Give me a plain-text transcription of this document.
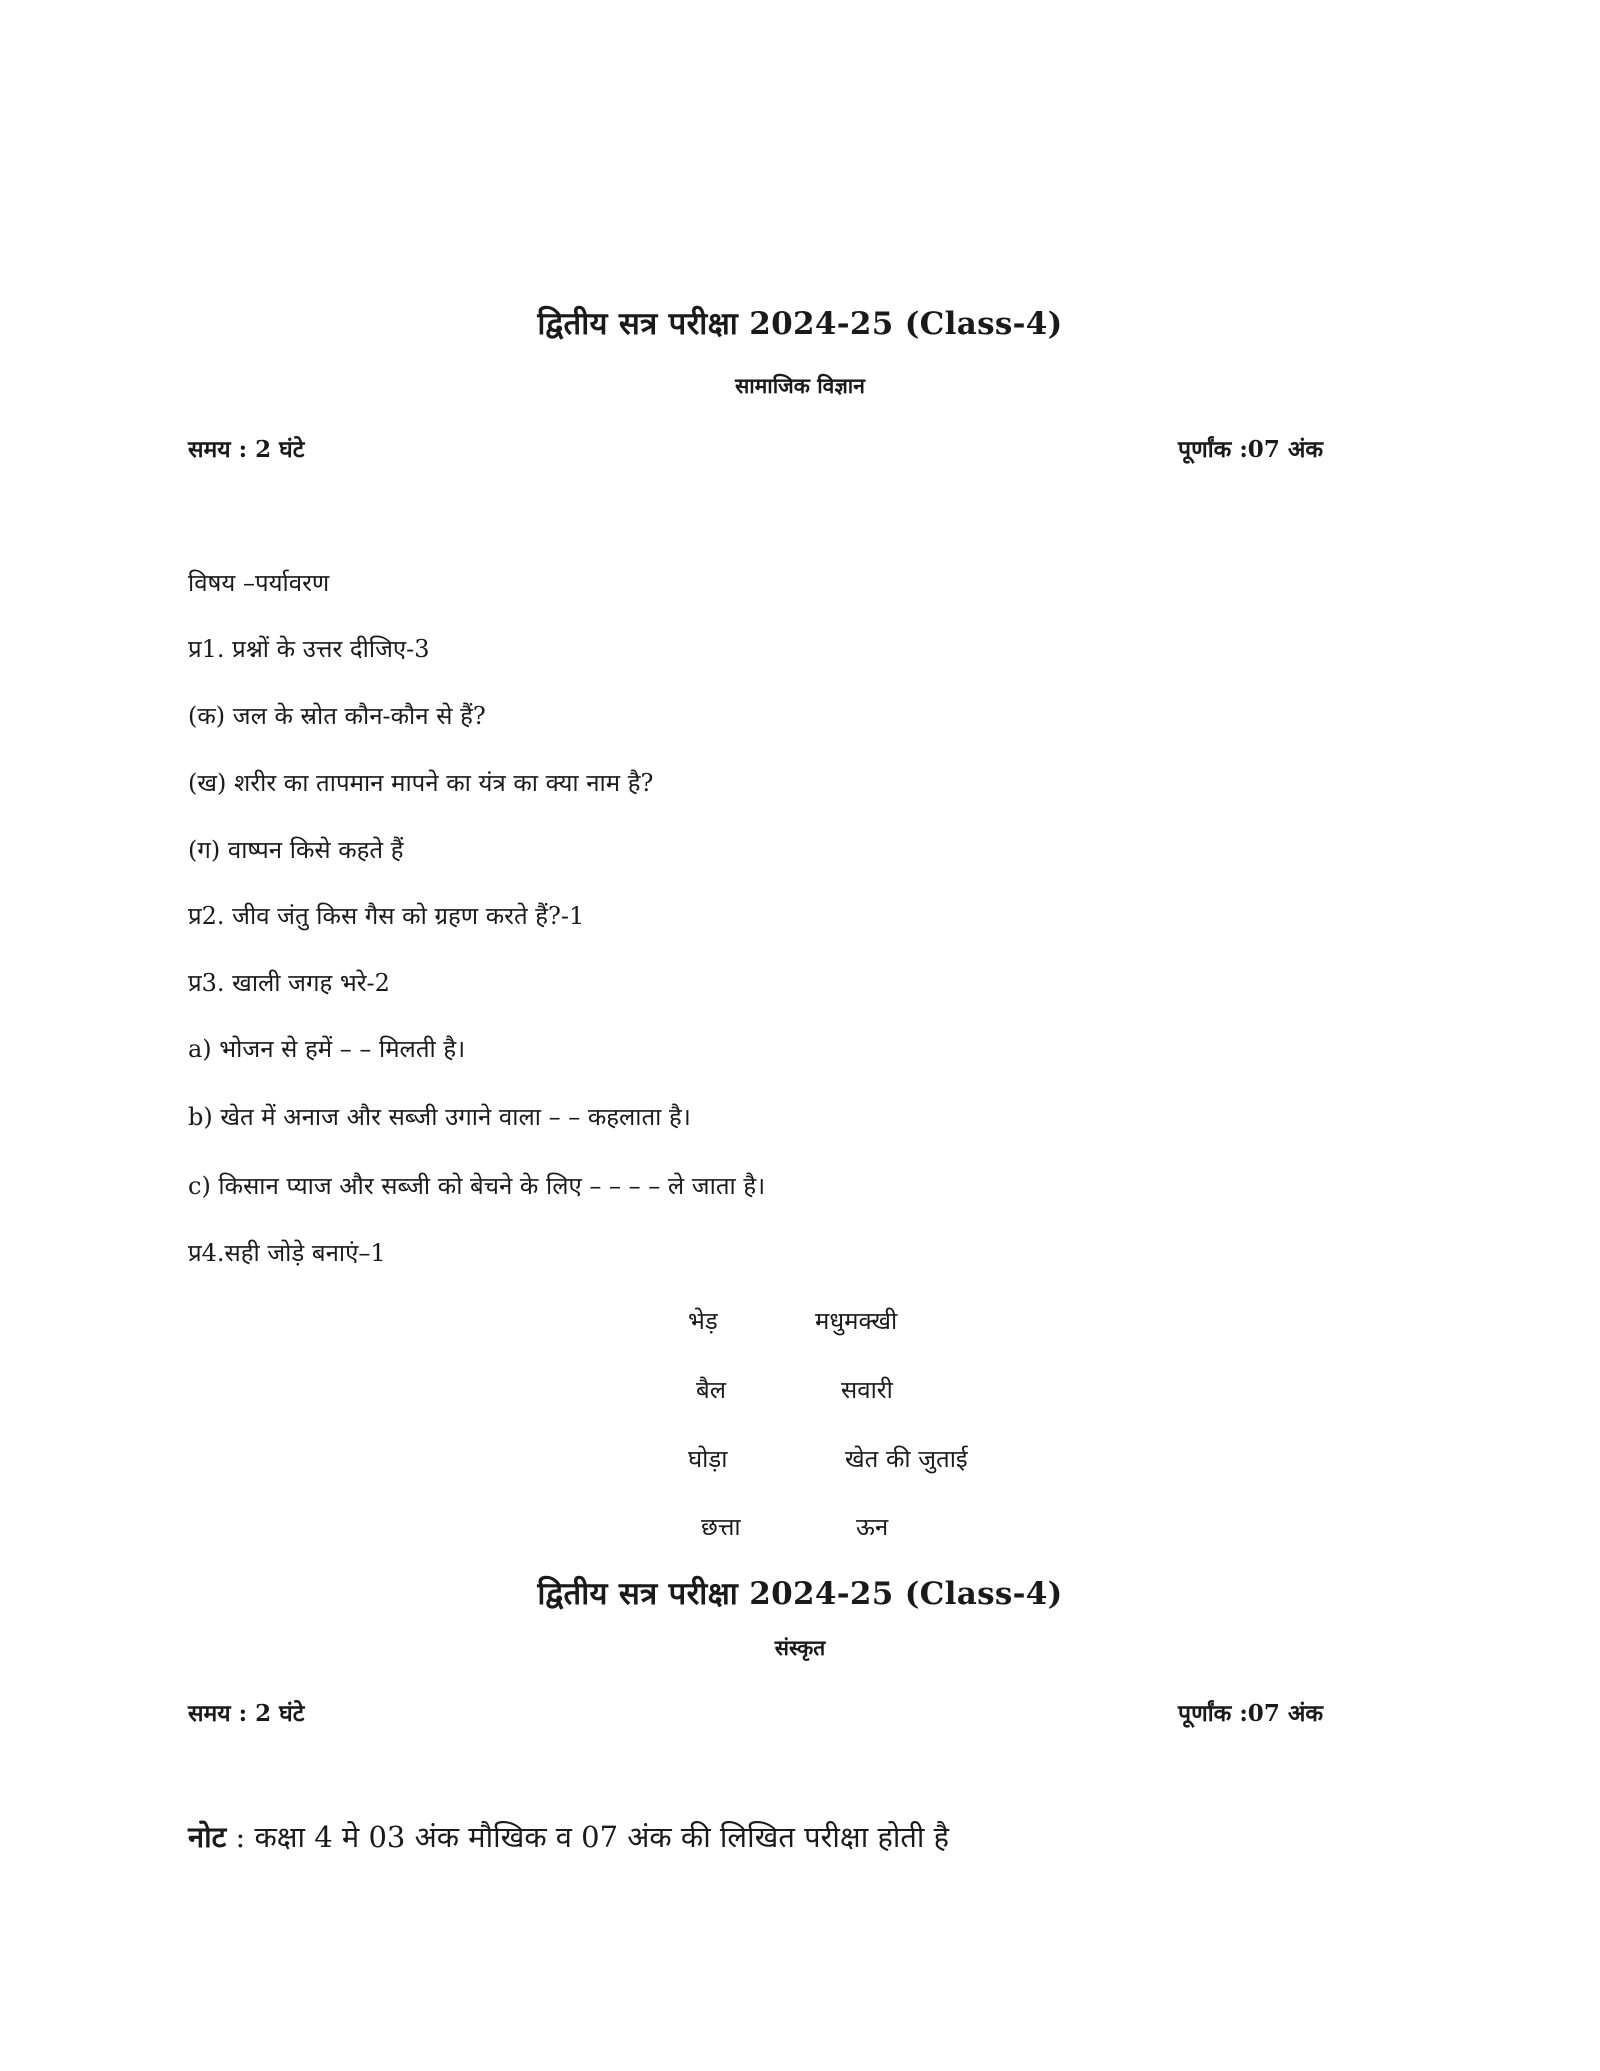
द्वितीय सत्र परीक्षा 2024-25 (Class-4)
सामाजिक विज्ञान
समय : 2 घंटे	पूर्णांक :07 अंक
विषय –पर्यावरण
प्र1. प्रश्नों के उत्तर दीजिए-3
(क) जल के स्रोत कौन-कौन से हैं?
(ख) शरीर का तापमान मापने का यंत्र का क्या नाम है?
(ग) वाष्पन किसे कहते हैं
प्र2. जीव जंतु किस गैस को ग्रहण करते हैं?-1
प्र3. खाली जगह भरे-2
a) भोजन से हमें – – मिलती है।
b) खेत में अनाज और सब्जी उगाने वाला – – कहलाता है।
c) किसान प्याज और सब्जी को बेचने के लिए – – – – ले जाता है।
प्र4.सही जोड़े बनाएं–1
भेड़	मधुमक्खी
बैल	सवारी
घोड़ा	खेत की जुताई
छत्ता	ऊन
द्वितीय सत्र परीक्षा 2024-25 (Class-4)
संस्कृत
समय : 2 घंटे	पूर्णांक :07 अंक
नोट : कक्षा 4 मे 03 अंक मौखिक व 07 अंक की लिखित परीक्षा होती है
